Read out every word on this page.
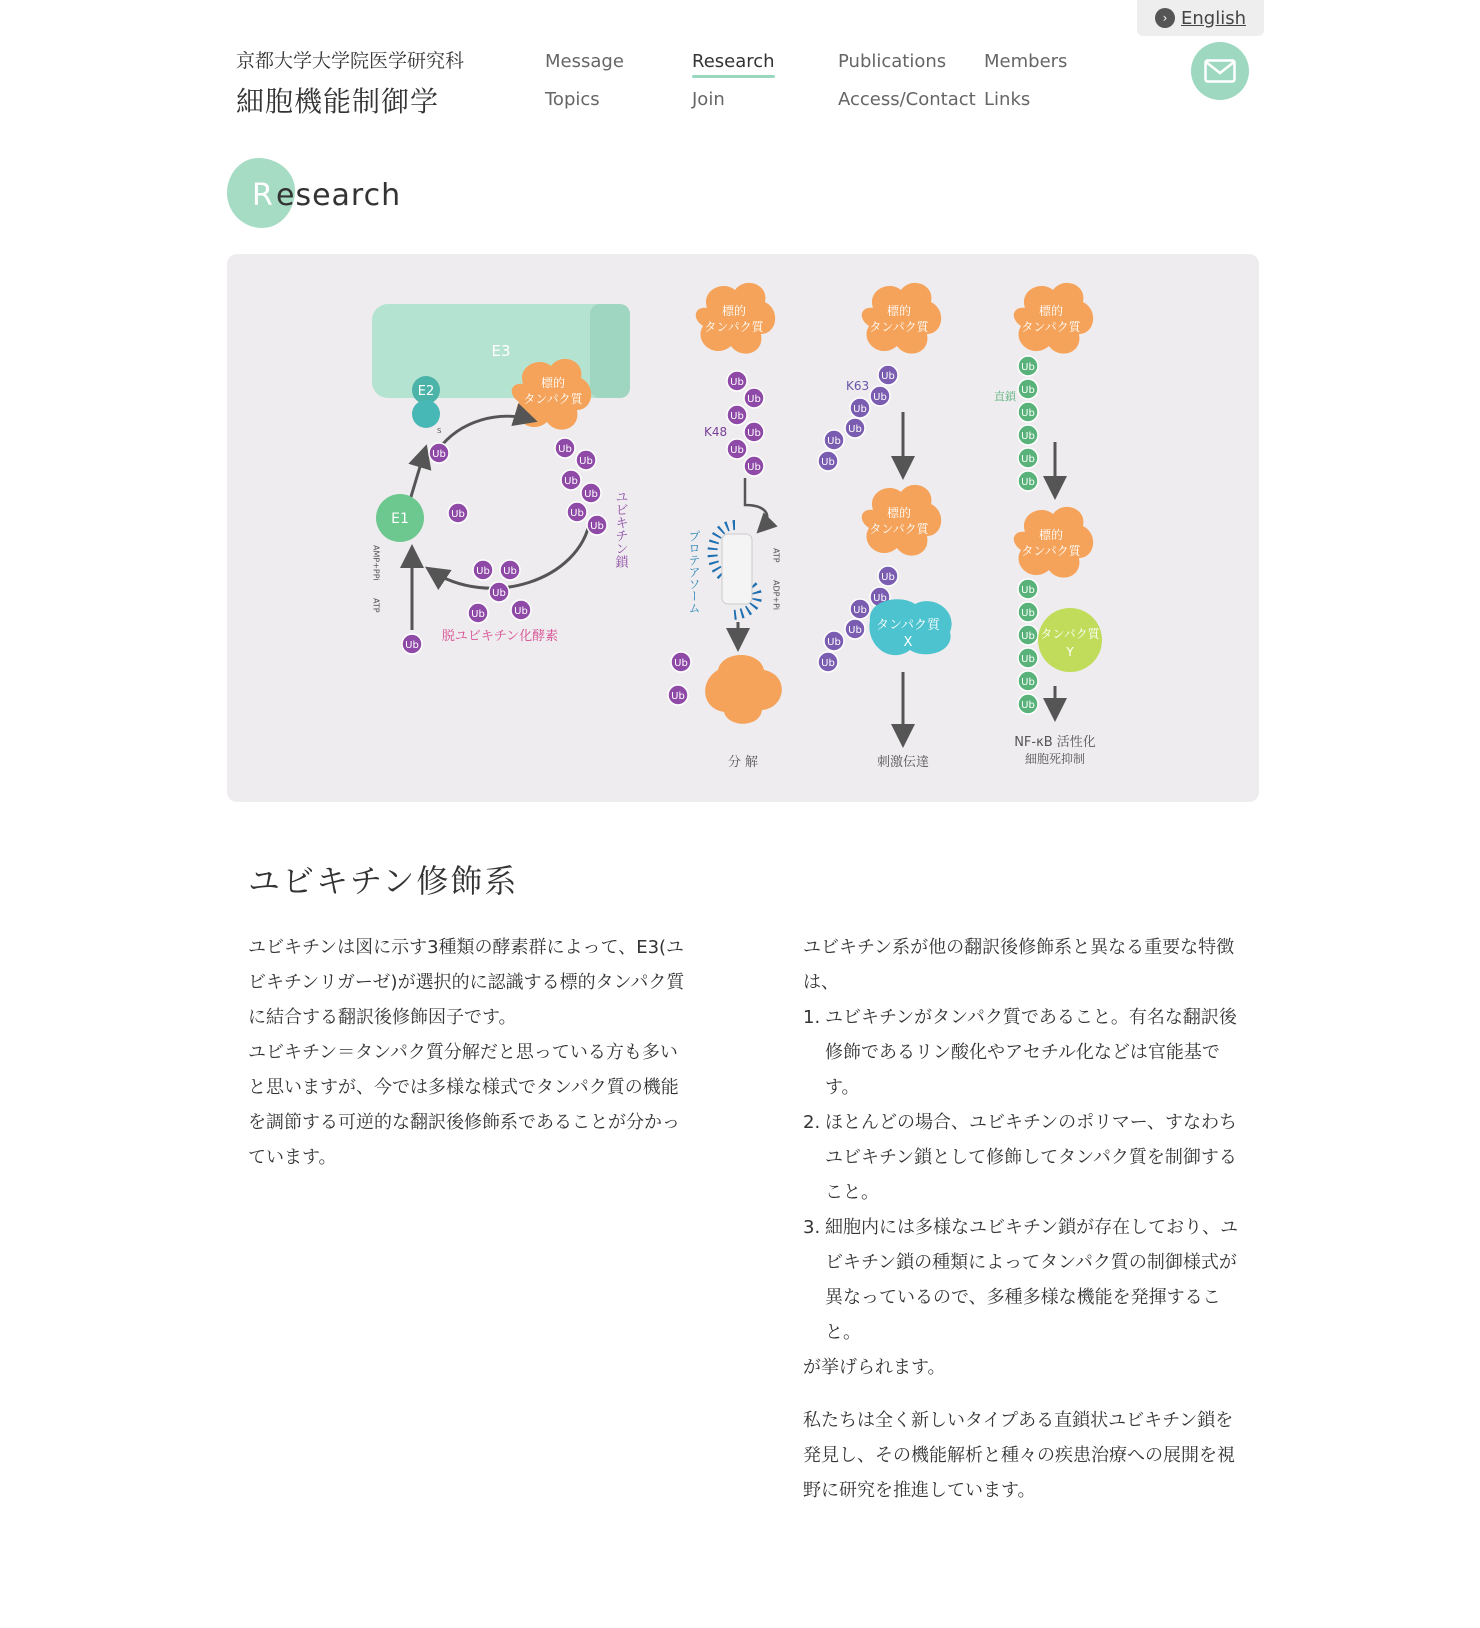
› English
京都大学大学院医学研究科
細胞機能制御学
Message	Research	Publications Members
Topics	Join	Access/Contact Links
R esearch
E3
E2
標的
タンパク質
E1
S
ユビキチン鎖
脱ユビキチン化酵素
AMP+PPi
ATP
標的
タンパク質
K48
プロテアソーム	ATP
ADP+Pi
分 解
標的
タンパク質
K63
標的
タンパク質
タンパク質
X
刺激伝達
標的
タンパク質
直鎖
標的
タンパク質
タンパク質
Y
NF-κB 活性化
細胞死抑制
ユビキチン修飾系

ユビキチンは図に示す3種類の酵素群によって、E3(ユビキチンリガーゼ)が選択的に認識する標的タンパク質に結合する翻訳後修飾因子です。

ユビキチン＝タンパク質分解だと思っている方も多いと思いますが、今では多様な様式でタンパク質の機能を調節する可逆的な翻訳後修飾系であることが分かっています。

ユビキチン系が他の翻訳後修飾系と異なる重要な特徴は、

1. ユビキチンがタンパク質であること。有名な翻訳後修飾であるリン酸化やアセチル化などは官能基です。
2. ほとんどの場合、ユビキチンのポリマー、すなわちユビキチン鎖として修飾してタンパク質を制御すること。
3. 細胞内には多様なユビキチン鎖が存在しており、ユビキチン鎖の種類によってタンパク質の制御様式が異なっているので、多種多様な機能を発揮すること。

が挙げられます。

私たちは全く新しいタイプある直鎖状ユビキチン鎖を発見し、その機能解析と種々の疾患治療への展開を視野に研究を推進しています。
